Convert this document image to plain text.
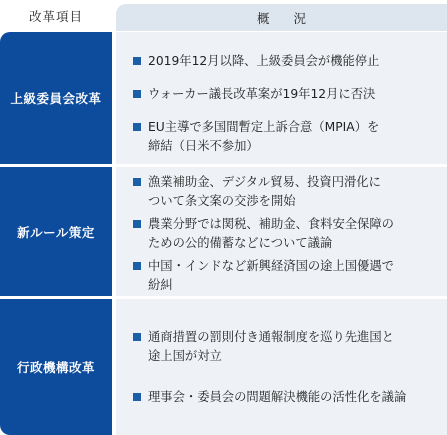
改革項目	概 況
上級委員会改革
2019年12月以降、上級委員会が機能停止
ウォーカー議長改革案が19年12月に否決
EU主導で多国間暫定上訴合意（MPIA）を
締結（日米不参加）
新ルール策定
漁業補助金、デジタル貿易、投資円滑化に
ついて条文案の交渉を開始
農業分野では関税、補助金、食料安全保障の
ための公的備蓄などについて議論
中国・インドなど新興経済国の途上国優遇で
紛糾
行政機構改革
通商措置の罰則付き通報制度を巡り先進国と
途上国が対立
理事会・委員会の問題解決機能の活性化を議論
